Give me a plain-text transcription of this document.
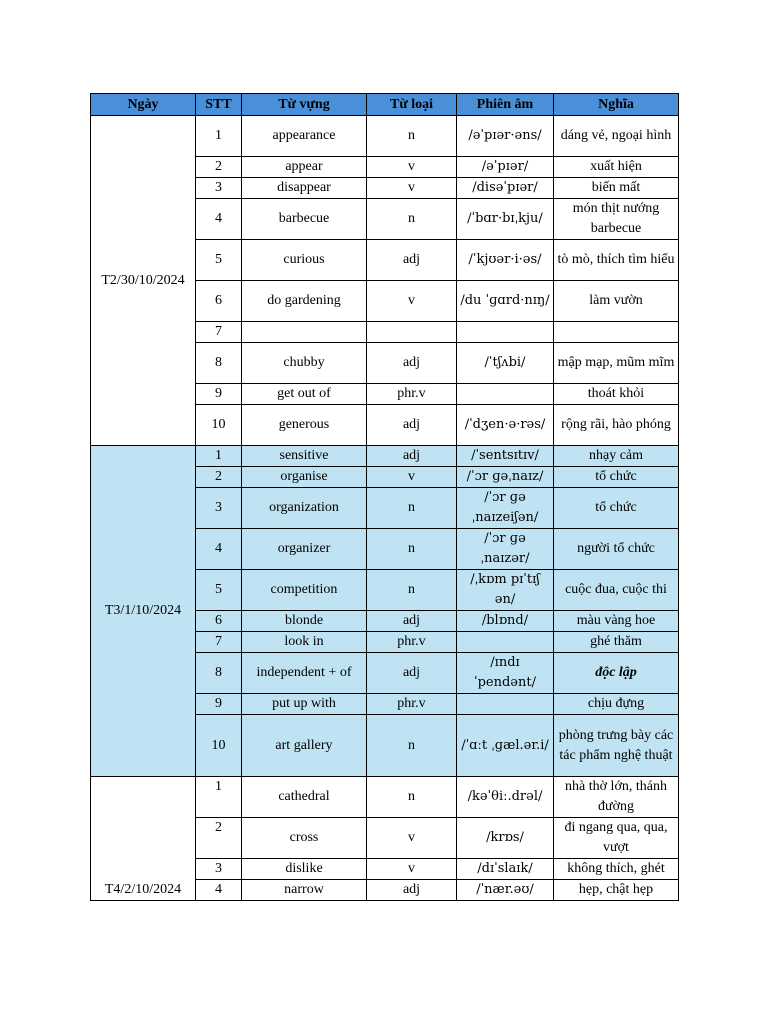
Ngày	STT	Từ vựng	Từ loại	Phiên âm	Nghĩa
T2/30/10/2024	1	appearance	n	/əˈpɪər·əns/	dáng vẻ, ngoại hình
	2	appear	v	/əˈpɪər/	xuất hiện
	3	disappear	v	/disəˈpɪər/	biến mất
	4	barbecue	n	/ˈbɑr·bɪˌkju/	món thịt nướng barbecue
	5	curious	adj	/ˈkjʊər·i·əs/	tò mò, thích tìm hiểu
	6	do gardening	v	/du ˈɡɑrd·nɪŋ/	làm vườn
	7				
	8	chubby	adj	/ˈtʃʌbi/	mập mạp, mũm mĩm
	9	get out of	phr.v		thoát khỏi
	10	generous	adj	/ˈdʒen·ə·rəs/	rộng rãi, hào phóng
T3/1/10/2024	1	sensitive	adj	/ˈsentsɪtɪv/	nhạy cảm
	2	organise	v	/ˈɔr ɡəˌnaɪz/	tổ chức
	3	organization	n	/ˈɔr ɡə ˌnaɪzeiʃən/	tổ chức
	4	organizer	n	/ˈɔr ɡə ˌnaɪzər/	người tổ chức
	5	competition	n	/ˌkɒm pɪˈtɪʃ ən/	cuộc đua, cuộc thi
	6	blonde	adj	/blɒnd/	màu vàng hoe
	7	look in	phr.v		ghé thăm
	8	independent + of	adj	/ɪndɪ ˈpendənt/	độc lập
	9	put up with	phr.v		chịu đựng
	10	art gallery	n	/ˈɑːt ˌɡæl.ər.i/	phòng trưng bày các tác phẩm nghệ thuật
T4/2/10/2024	1	cathedral	n	/kəˈθiː.drəl/	nhà thờ lớn, thánh đường
	2	cross	v	/krɒs/	đi ngang qua, qua, vượt
	3	dislike	v	/dɪˈslaɪk/	không thích, ghét
	4	narrow	adj	/ˈnær.əʊ/	hẹp, chật hẹp
